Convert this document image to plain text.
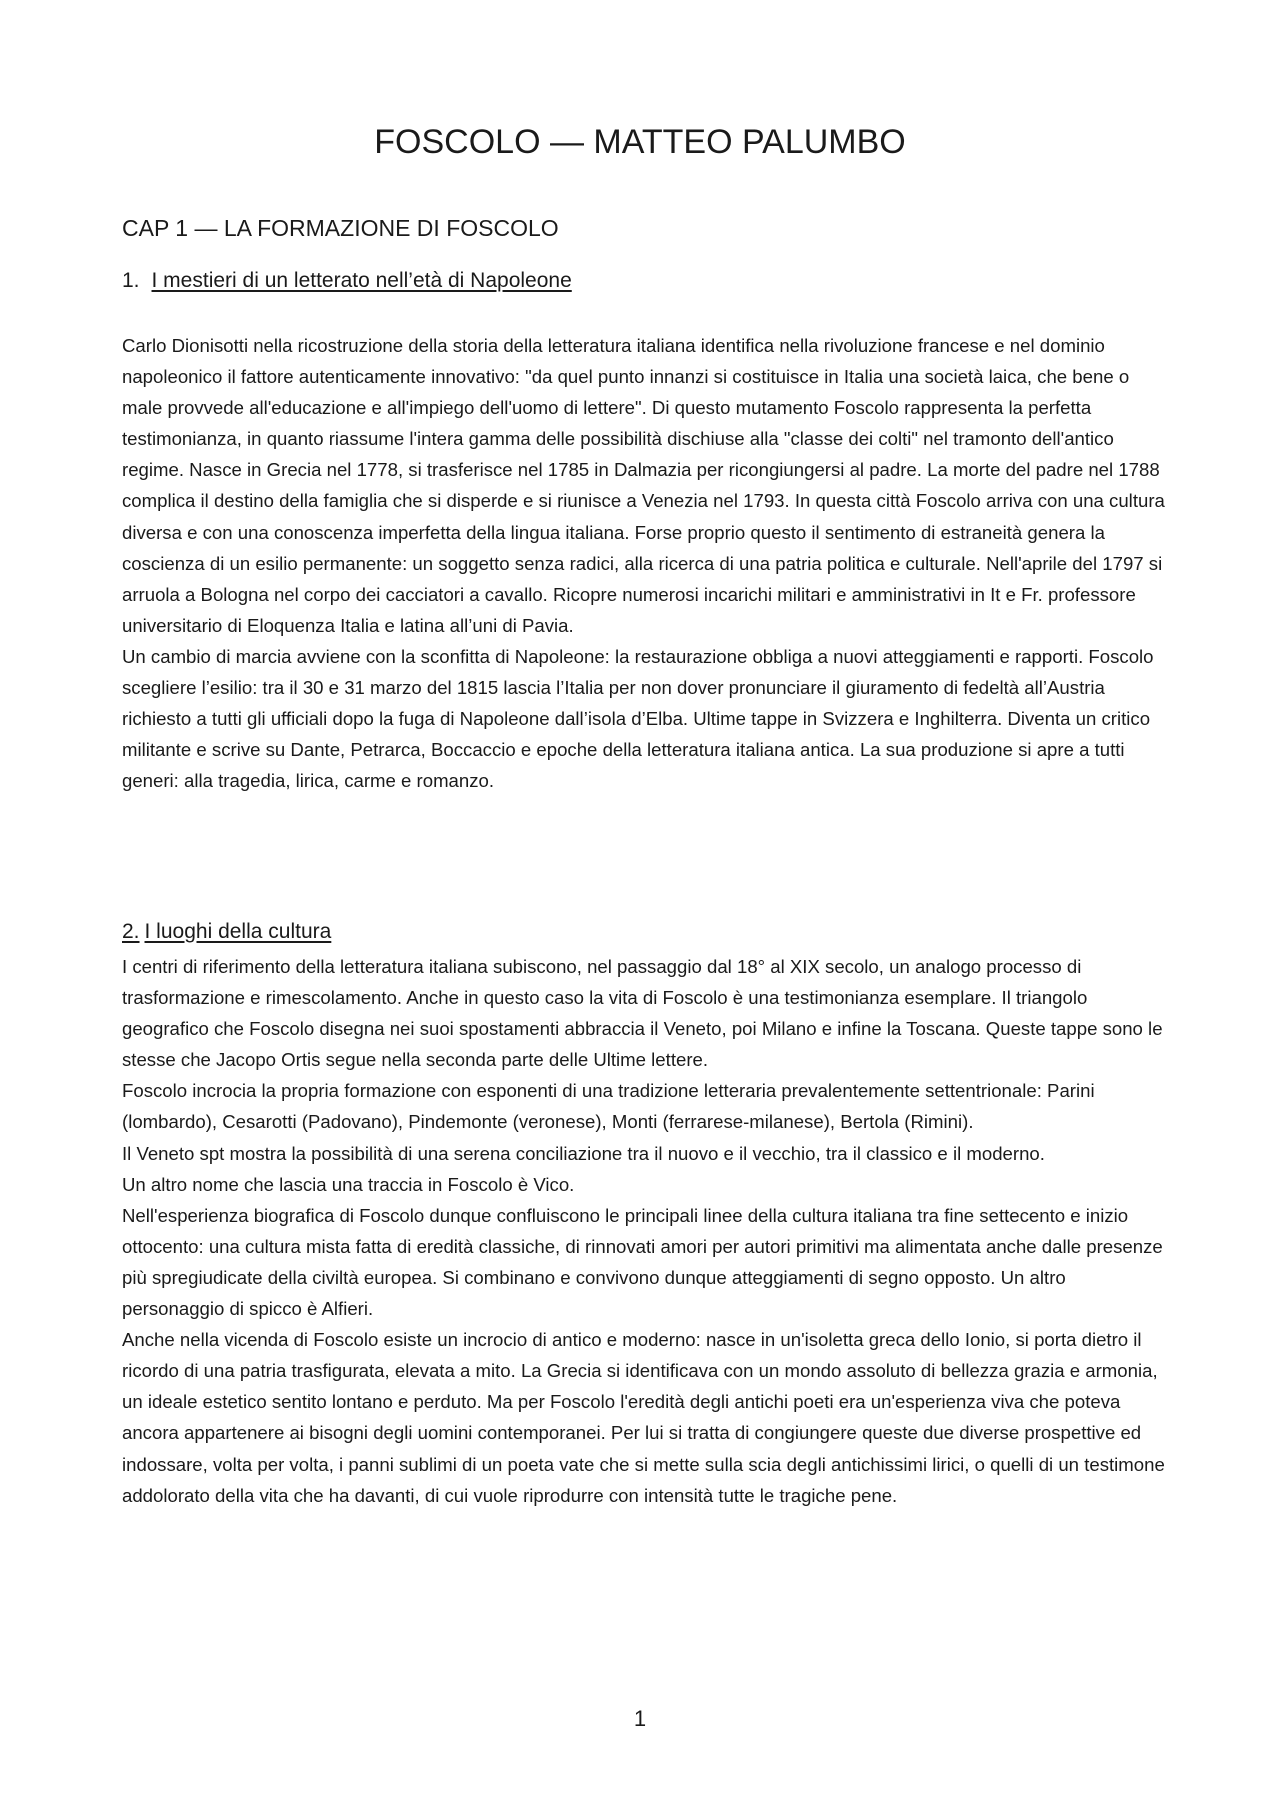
FOSCOLO — MATTEO PALUMBO
CAP 1 — LA FORMAZIONE DI FOSCOLO
1. I mestieri di un letterato nell’età di Napoleone

Carlo Dionisotti nella ricostruzione della storia della letteratura italiana identifica nella rivoluzione francese e nel dominio napoleonico il fattore autenticamente innovativo: "da quel punto innanzi si costituisce in Italia una società laica, che bene o male provvede all'educazione e all'impiego dell'uomo di lettere". Di questo mutamento Foscolo rappresenta la perfetta testimonianza, in quanto riassume l'intera gamma delle possibilità dischiuse alla "classe dei colti" nel tramonto dell'antico regime. Nasce in Grecia nel 1778, si trasferisce nel 1785 in Dalmazia per ricongiungersi al padre. La morte del padre nel 1788 complica il destino della famiglia che si disperde e si riunisce a Venezia nel 1793. In questa città Foscolo arriva con una cultura diversa e con una conoscenza imperfetta della lingua italiana. Forse proprio questo il sentimento di estraneità genera la coscienza di un esilio permanente: un soggetto senza radici, alla ricerca di una patria politica e culturale. Nell'aprile del 1797 si arruola a Bologna nel corpo dei cacciatori a cavallo. Ricopre numerosi incarichi militari e amministrativi in It e Fr. professore universitario di Eloquenza Italia e latina all’uni di Pavia.

Un cambio di marcia avviene con la sconfitta di Napoleone: la restaurazione obbliga a nuovi atteggiamenti e rapporti. Foscolo scegliere l’esilio: tra il 30 e 31 marzo del 1815 lascia l’Italia per non dover pronunciare il giuramento di fedeltà all’Austria richiesto a tutti gli ufficiali dopo la fuga di Napoleone dall’isola d’Elba. Ultime tappe in Svizzera e Inghilterra. Diventa un critico militante e scrive su Dante, Petrarca, Boccaccio e epoche della letteratura italiana antica. La sua produzione si apre a tutti generi: alla tragedia, lirica, carme e romanzo.

2. I luoghi della cultura

I centri di riferimento della letteratura italiana subiscono, nel passaggio dal 18° al XIX secolo, un analogo processo di trasformazione e rimescolamento. Anche in questo caso la vita di Foscolo è una testimonianza esemplare. Il triangolo geografico che Foscolo disegna nei suoi spostamenti abbraccia il Veneto, poi Milano e infine la Toscana. Queste tappe sono le stesse che Jacopo Ortis segue nella seconda parte delle Ultime lettere.

Foscolo incrocia la propria formazione con esponenti di una tradizione letteraria prevalentemente settentrionale: Parini (lombardo), Cesarotti (Padovano), Pindemonte (veronese), Monti (ferrarese-milanese), Bertola (Rimini).

Il Veneto spt mostra la possibilità di una serena conciliazione tra il nuovo e il vecchio, tra il classico e il moderno.

Un altro nome che lascia una traccia in Foscolo è Vico.

Nell'esperienza biografica di Foscolo dunque confluiscono le principali linee della cultura italiana tra fine settecento e inizio ottocento: una cultura mista fatta di eredità classiche, di rinnovati amori per autori primitivi ma alimentata anche dalle presenze più spregiudicate della civiltà europea. Si combinano e convivono dunque atteggiamenti di segno opposto. Un altro personaggio di spicco è Alfieri.

Anche nella vicenda di Foscolo esiste un incrocio di antico e moderno: nasce in un'isoletta greca dello Ionio, si porta dietro il ricordo di una patria trasfigurata, elevata a mito. La Grecia si identificava con un mondo assoluto di bellezza grazia e armonia, un ideale estetico sentito lontano e perduto. Ma per Foscolo l'eredità degli antichi poeti era un'esperienza viva che poteva ancora appartenere ai bisogni degli uomini contemporanei. Per lui si tratta di congiungere queste due diverse prospettive ed indossare, volta per volta, i panni sublimi di un poeta vate che si mette sulla scia degli antichissimi lirici, o quelli di un testimone addolorato della vita che ha davanti, di cui vuole riprodurre con intensità tutte le tragiche pene.

1
